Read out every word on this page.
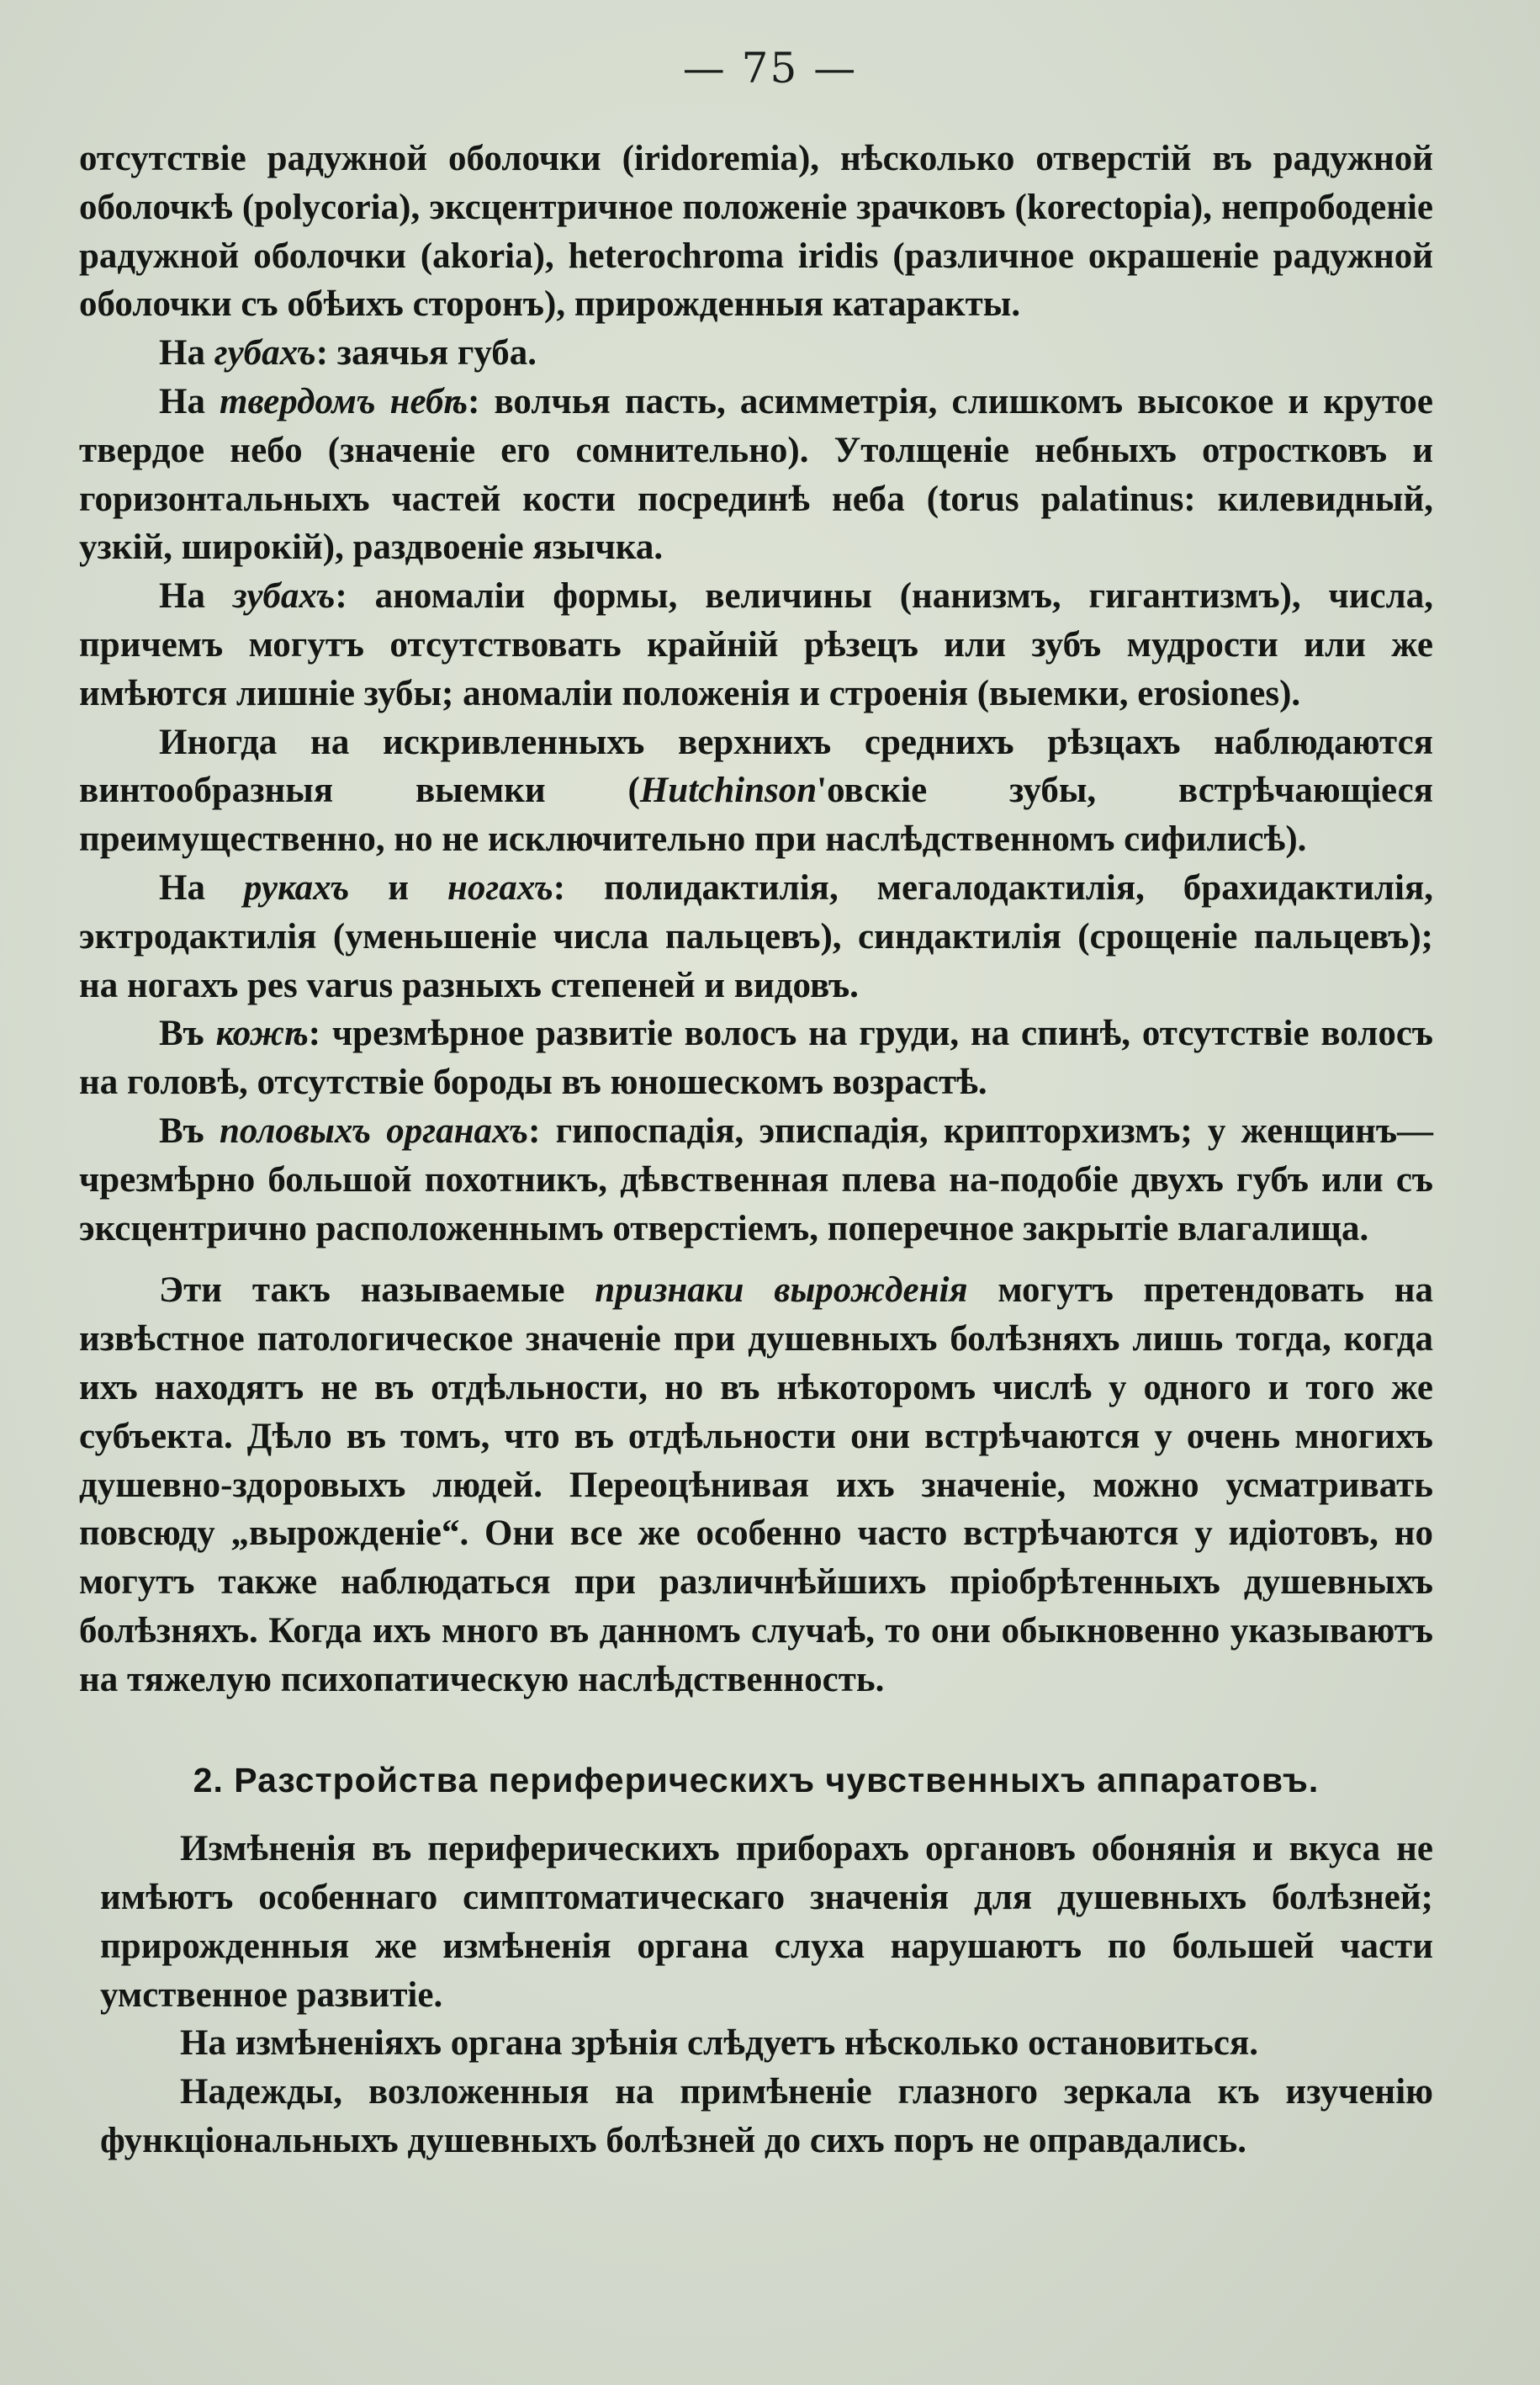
— 75 —

отсутствіе радужной оболочки (iridoremia), нѣсколько отверстій въ радужной оболочкѣ (polycoria), эксцентричное положеніе зрачковъ (korectopia), непрободеніе радужной оболочки (akoria), heterochroma iridis (различное окрашеніе радужной оболочки съ обѣихъ сторонъ), прирожденныя катаракты.

На губахъ: заячья губа.

На твердомъ небѣ: волчья пасть, асимметрія, слишкомъ высокое и крутое твердое небо (значеніе его сомнительно). Утолщеніе небныхъ отростковъ и горизонтальныхъ частей кости посрединѣ неба (torus palatinus: килевидный, узкій, широкій), раздвоеніе язычка.

На зубахъ: аномаліи формы, величины (нанизмъ, гигантизмъ), числа, причемъ могутъ отсутствовать крайній рѣзецъ или зубъ мудрости или же имѣются лишніе зубы; аномаліи положенія и строенія (выемки, erosiones).

Иногда на искривленныхъ верхнихъ среднихъ рѣзцахъ наблюдаются винтообразныя выемки (Hutchinson'овскіе зубы, встрѣчающіеся преимущественно, но не исключительно при наслѣдственномъ сифилисѣ).

На рукахъ и ногахъ: полидактилія, мегалодактилія, брахидактилія, эктродактилія (уменьшеніе числа пальцевъ), синдактилія (срощеніе пальцевъ); на ногахъ pes varus разныхъ степеней и видовъ.

Въ кожѣ: чрезмѣрное развитіе волосъ на груди, на спинѣ, отсутствіе волосъ на головѣ, отсутствіе бороды въ юношескомъ возрастѣ.

Въ половыхъ органахъ: гипоспадія, эписпадія, крипторхизмъ; у женщинъ—чрезмѣрно большой похотникъ, дѣвственная плева на-подобіе двухъ губъ или съ эксцентрично расположеннымъ отверстіемъ, поперечное закрытіе влагалища.

Эти такъ называемые признаки вырожденія могутъ претендовать на извѣстное патологическое значеніе при душевныхъ болѣзняхъ лишь тогда, когда ихъ находятъ не въ отдѣльности, но въ нѣкоторомъ числѣ у одного и того же субъекта. Дѣло въ томъ, что въ отдѣльности они встрѣчаются у очень многихъ душевно-здоровыхъ людей. Переоцѣнивая ихъ значеніе, можно усматривать повсюду „вырожденіе“. Они все же особенно часто встрѣчаются у идіотовъ, но могутъ также наблюдаться при различнѣйшихъ пріобрѣтенныхъ душевныхъ болѣзняхъ. Когда ихъ много въ данномъ случаѣ, то они обыкновенно указываютъ на тяжелую психопатическую наслѣдственность.

2. Разстройства периферическихъ чувственныхъ аппаратовъ.

Измѣненія въ периферическихъ приборахъ органовъ обонянія и вкуса не имѣютъ особеннаго симптоматическаго значенія для душевныхъ болѣзней; прирожденныя же измѣненія органа слуха нарушаютъ по большей части умственное развитіе.

На измѣненіяхъ органа зрѣнія слѣдуетъ нѣсколько остановиться.

Надежды, возложенныя на примѣненіе глазного зеркала къ изученію функціональныхъ душевныхъ болѣзней до сихъ поръ не оправдались.
